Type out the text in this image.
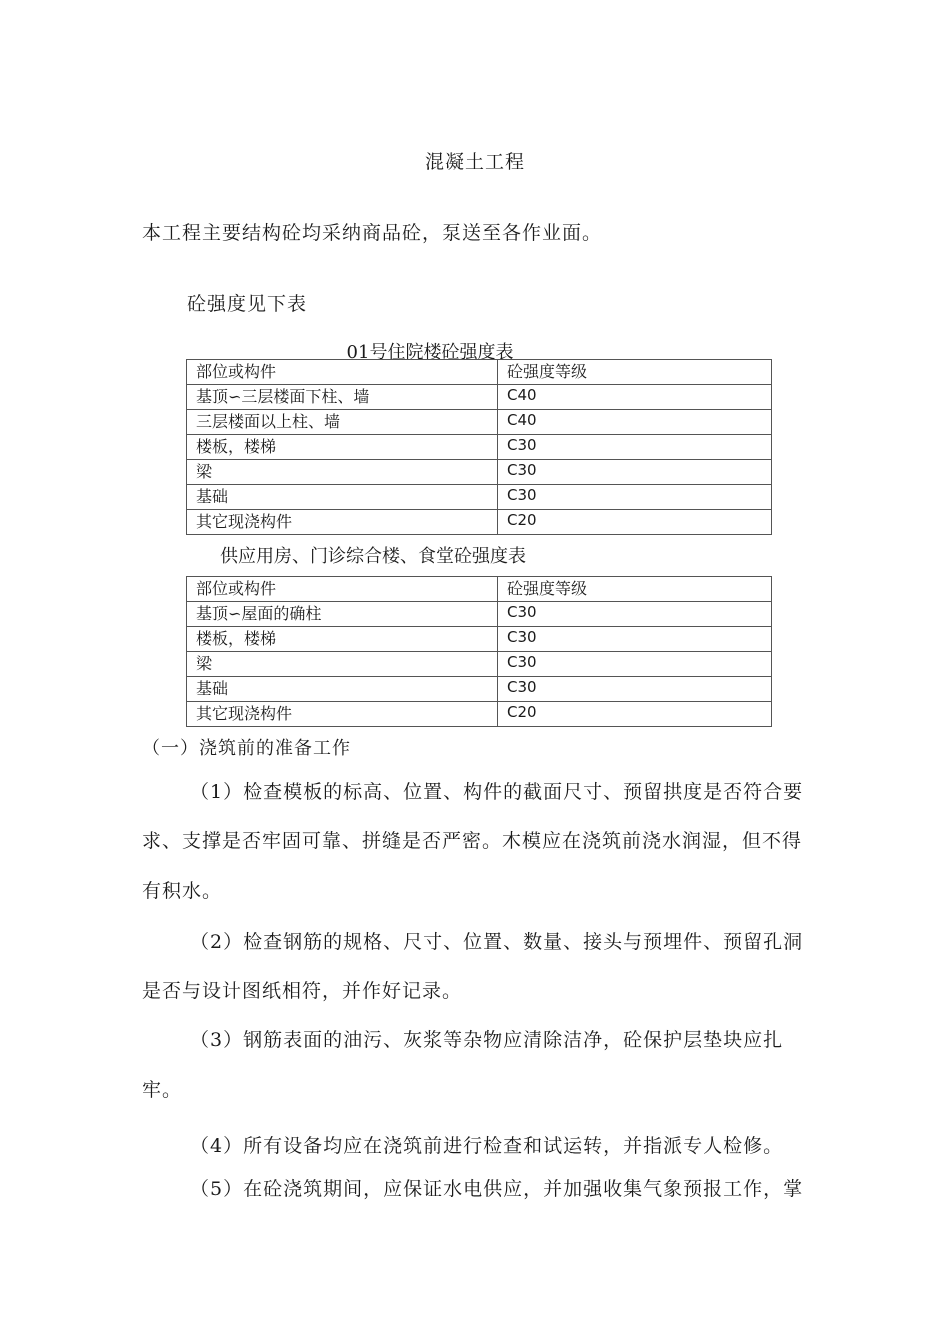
混凝土工程
本工程主要结构砼均采纳商品砼，泵送至各作业面。
砼强度见下表
01号住院楼砼强度表
部位或构件	砼强度等级
基顶∽三层楼面下柱、墙	C40
三层楼面以上柱、墙	C40
楼板，楼梯	C30
梁	C30
基础	C30
其它现浇构件	C20
供应用房、门诊综合楼、食堂砼强度表
部位或构件	砼强度等级
基顶∽屋面的确柱	C30
楼板，楼梯	C30
梁	C30
基础	C30
其它现浇构件	C20
（一）浇筑前的准备工作
（1）检查模板的标高、位置、构件的截面尺寸、预留拱度是否符合要
求、支撑是否牢固可靠、拼缝是否严密。木模应在浇筑前浇水润湿，但不得
有积水。
（2）检查钢筋的规格、尺寸、位置、数量、接头与预埋件、预留孔洞
是否与设计图纸相符，并作好记录。
（3）钢筋表面的油污、灰浆等杂物应清除洁净，砼保护层垫块应扎
牢。
（4）所有设备均应在浇筑前进行检查和试运转，并指派专人检修。
（5）在砼浇筑期间，应保证水电供应，并加强收集气象预报工作，掌
